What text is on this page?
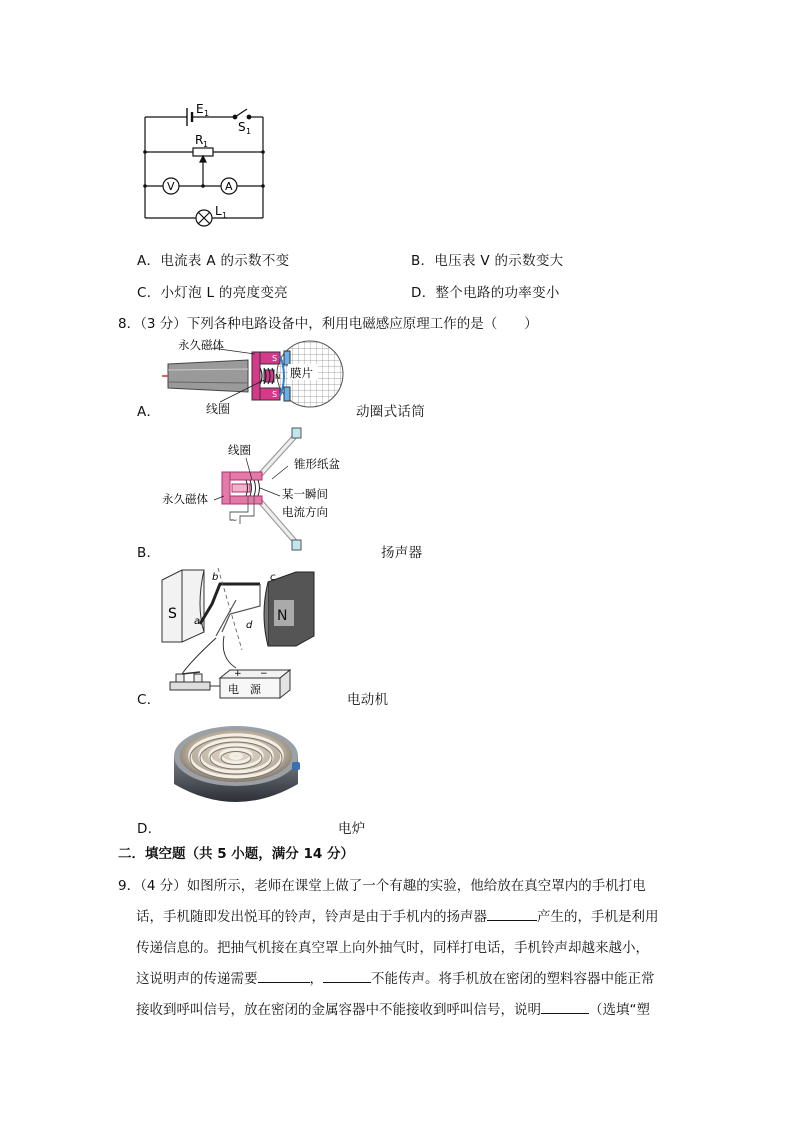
E 1
S 1
R 1
V	A
L 1
A．电流表 A 的示数不变	B．电压表 V 的示数变大
C．小灯泡 L 的亮度变亮	D．整个电路的功率变小
8．（3 分）下列各种电路设备中，利用电磁感应原理工作的是（　　）
膜片
S
S
N
永久磁体
A．	线圈	动圈式话筒
~
线圈
锥形纸盆
永久磁体	某一瞬间
电流方向
B．	扬声器
S	N
a
b	c
d
+ −
电　源
C．	电动机
D．	电炉
二．填空题（共 5 小题，满分 14 分）
9．（4 分）如图所示，老师在课堂上做了一个有趣的实验，他给放在真空罩内的手机打电
话，手机随即发出悦耳的铃声，铃声是由于手机内的扬声器	产生的，手机是利用
传递信息的。把抽气机接在真空罩上向外抽气时，同样打电话，手机铃声却越来越小，
这说明声的传递需要	，	不能传声。将手机放在密闭的塑料容器中能正常
接收到呼叫信号，放在密闭的金属容器中不能接收到呼叫信号，说明	（选填“塑
